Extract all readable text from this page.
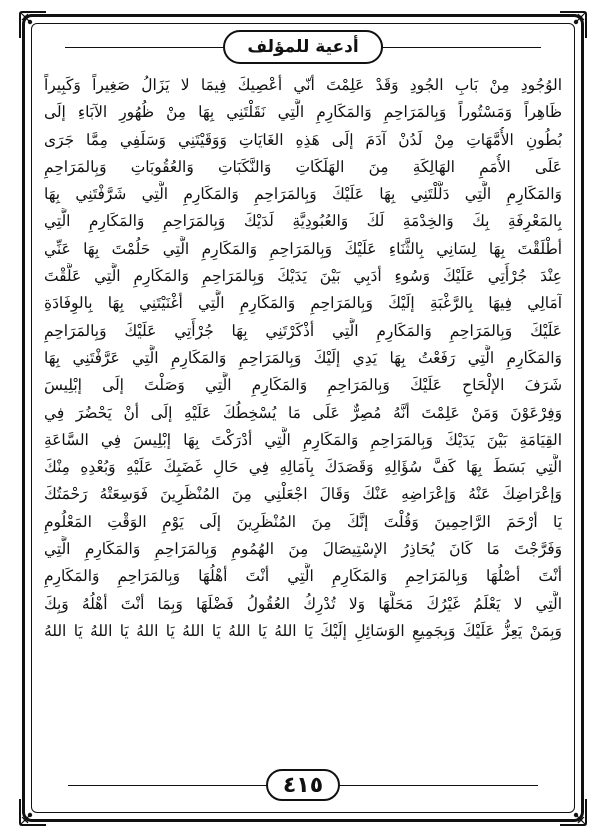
أدعية للمؤلف
الوُجُودِ مِنْ بَابِ الجُودِ وَقَدْ عَلِمْتَ أنّي أعْصِيكَ فِيمَا لا يَزَالُ صَغِيراً وَكَبِيراً
ظَاهِراً وَمَسْتُوراً وَبِالمَرَاحِمِ وَالمَكَارِمِ الَّتِي نَقَلْتَنِي بِهَا مِنْ ظُهُورِ الآبَاءِ إلَى
بُطُونِ الأُمَّهَاتِ مِنْ لَدُنْ آدَمَ إلَى هَذِهِ الغَايَاتِ وَوَقَيْتَنِي وَسَلَفِي مِمَّا جَرَى
عَلَى الأُمَمِ الهَالِكَةِ مِنَ الهَلَكَاتِ وَالنَّكَبَاتِ وَالعُقُوبَاتِ وَبِالمَرَاحِمِ
وَالمَكَارِمِ الَّتِي دَلَّلْتَنِي بِهَا عَلَيْكَ وَبِالمَرَاحِمِ وَالمَكَارِمِ الَّتِي شَرَّفْتَنِي بِهَا
بِالمَعْرِفَةِ بِكَ وَالخِدْمَةِ لَكَ وَالعُبُودِيَّةِ لَدَيْكَ وَبِالمَرَاحِمِ وَالمَكَارِمِ الَّتِي
أطْلَقْتَ بِهَا لِسَانِي بِالثَّنَاءِ عَلَيْكَ وَبِالمَرَاحِمِ وَالمَكَارِمِ الَّتِي حَلُمْتَ بِهَا عَنِّي
عِنْدَ جُرْأَتِي عَلَيْكَ وَسُوءِ أدَبِي بَيْنَ يَدَيْكَ وَبِالمَرَاحِمِ وَالمَكَارِمِ الَّتِي عَلَّقْتَ
آمَالِي فِيهَا بِالرَّغْبَةِ إلَيْكَ وَبِالمَرَاحِمِ وَالمَكَارِمِ الَّتِي أغْنَيْتَنِي بِهَا بِالوِفَادَةِ
عَلَيْكَ وَبِالمَرَاحِمِ وَالمَكَارِمِ الَّتِي أذْكَرْتَنِي بِهَا جُرْأَتِي عَلَيْكَ وَبِالمَرَاحِمِ
وَالمَكَارِمِ الَّتِي رَفَعْتُ بِهَا يَدِي إلَيْكَ وَبِالمَرَاحِمِ وَالمَكَارِمِ الَّتِي عَرَّفْتَنِي بِهَا
شَرَفَ الإلْحَاحِ عَلَيْكَ وَبِالمَرَاحِمِ وَالمَكَارِمِ الَّتِي وَصَلْتَ إلَى إبْلِيسَ
وَفِرْعَوْنَ وَمَنْ عَلِمْتَ أنَّهُ مُصِرٌّ عَلَى مَا يُسْخِطُكَ عَلَيْهِ إلَى أنْ يَحْضُرَ فِي
القِيَامَةِ بَيْنَ يَدَيْكَ وَبِالمَرَاحِمِ وَالمَكَارِمِ الَّتِي أدْرَكْتَ بِهَا إبْلِيسَ فِي السَّاعَةِ
الَّتِي بَسَطَ بِهَا كَفَّ سُؤَالِهِ وَقَصَدَكَ بِآمَالِهِ فِي حَالِ غَضَبِكَ عَلَيْهِ وَبُعْدِهِ مِنْكَ
وَإعْرَاضِكَ عَنْهُ وَإعْرَاضِهِ عَنْكَ وَقَالَ اجْعَلْنِي مِنَ المُنْظَرِينَ فَوَسِعَتْهُ رَحْمَتُكَ
يَا أرْحَمَ الرَّاحِمِينَ وَقُلْتَ إنَّكَ مِنَ المُنْظَرِينَ إلَى يَوْمِ الوَقْتِ المَعْلُومِ
وَفَرَّجْتَ مَا كَانَ يُحَاذِرُ الإسْتِيصَالَ مِنَ الهُمُومِ وَبِالمَرَاحِمِ وَالمَكَارِمِ الَّتِي
أنْتَ أصْلُهَا وَبِالمَرَاحِمِ وَالمَكَارِمِ الَّتِي أنْتَ أهْلُهَا وَبِالمَرَاحِمِ وَالمَكَارِمِ
الَّتِي لا يَعْلَمُ غَيْرُكَ مَحَلَّهَا وَلا تُدْرِكُ العُقُولُ فَضْلَهَا وَبِمَا أنْتَ أهْلُهُ وَبِكَ
وَبِمَنْ يَعِزُّ عَلَيْكَ وَبِجَمِيعِ الوَسَائِلِ إلَيْكَ يَا اللهُ يَا اللهُ يَا اللهُ يَا اللهُ يَا اللهُ يَا اللهُ
٤١٥
